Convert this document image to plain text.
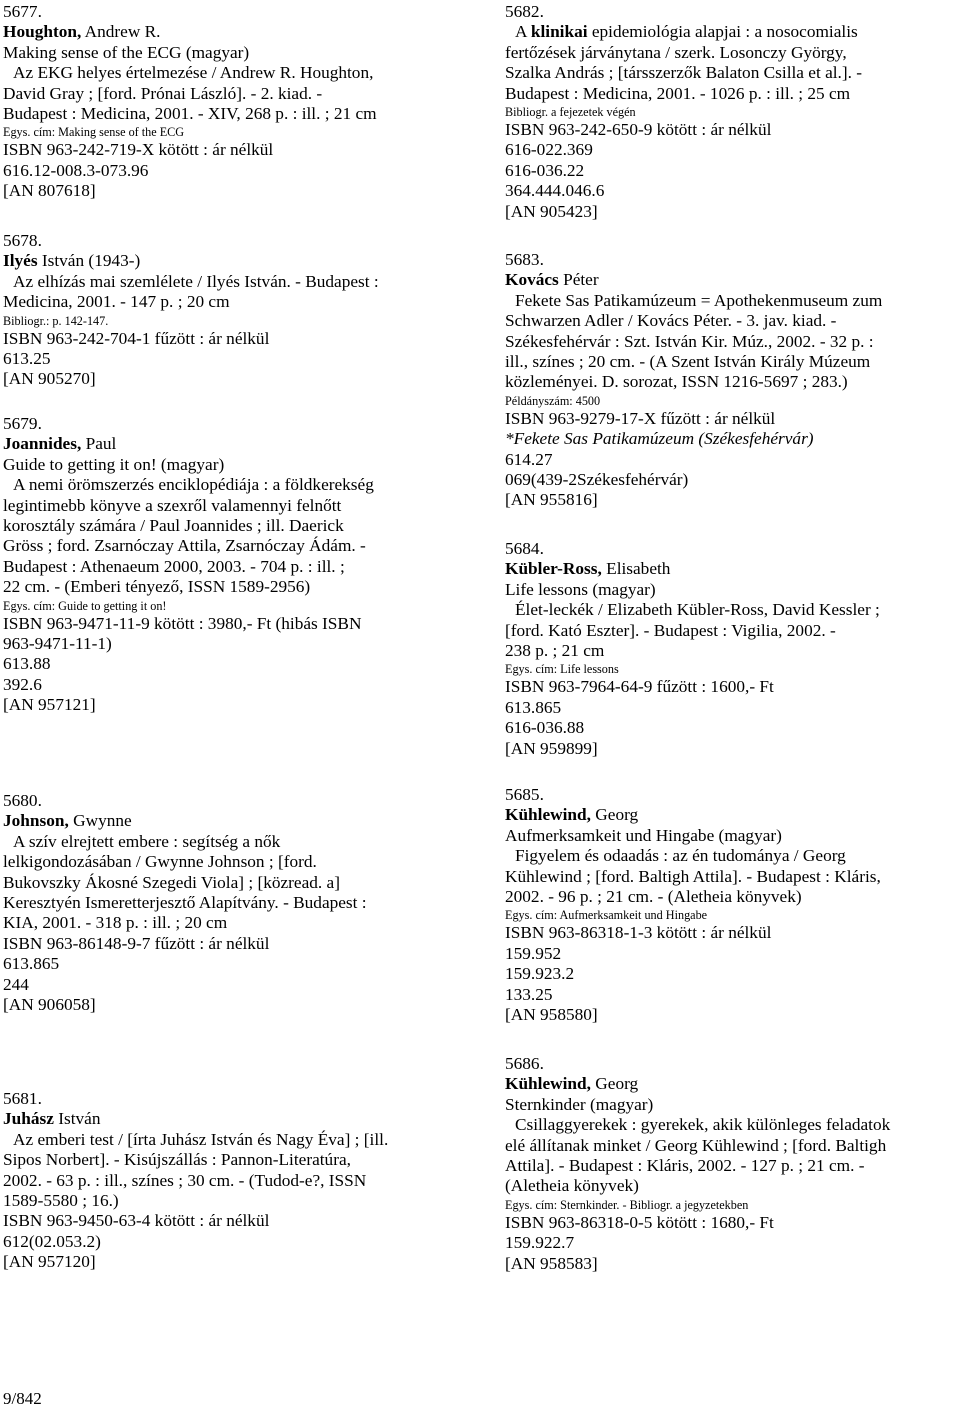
5677.
Houghton, Andrew R.
Making sense of the ECG (magyar)
Az EKG helyes értelmezése / Andrew R. Houghton,
David Gray ; [ford. Prónai László]. - 2. kiad. -
Budapest : Medicina, 2001. - XIV, 268 p. : ill. ; 21 cm
Egys. cím: Making sense of the ECG
ISBN 963-242-719-X kötött : ár nélkül
616.12-008.3-073.96
[AN 807618]
5678.
Ilyés István (1943-)
Az elhízás mai szemlélete / Ilyés István. - Budapest :
Medicina, 2001. - 147 p. ; 20 cm
Bibliogr.: p. 142-147.
ISBN 963-242-704-1 fűzött : ár nélkül
613.25
[AN 905270]
5679.
Joannides, Paul
Guide to getting it on! (magyar)
A nemi örömszerzés enciklopédiája : a földkerekség
legintimebb könyve a szexről valamennyi felnőtt
korosztály számára / Paul Joannides ; ill. Daerick
Gröss ; ford. Zsarnóczay Attila, Zsarnóczay Ádám. -
Budapest : Athenaeum 2000, 2003. - 704 p. : ill. ;
22 cm. - (Emberi tényező, ISSN 1589-2956)
Egys. cím: Guide to getting it on!
ISBN 963-9471-11-9 kötött : 3980,- Ft (hibás ISBN
963-9471-11-1)
613.88
392.6
[AN 957121]
5680.
Johnson, Gwynne
A szív elrejtett embere : segítség a nők
lelkigondozásában / Gwynne Johnson ; [ford.
Bukovszky Ákosné Szegedi Viola] ; [közread. a]
Keresztyén Ismeretterjesztő Alapítvány. - Budapest :
KIA, 2001. - 318 p. : ill. ; 20 cm
ISBN 963-86148-9-7 fűzött : ár nélkül
613.865
244
[AN 906058]
5681.
Juhász István
Az emberi test / [írta Juhász István és Nagy Éva] ; [ill.
Sipos Norbert]. - Kisújszállás : Pannon-Literatúra,
2002. - 63 p. : ill., színes ; 30 cm. - (Tudod-e?, ISSN
1589-5580 ; 16.)
ISBN 963-9450-63-4 kötött : ár nélkül
612(02.053.2)
[AN 957120]
5682.
A klinikai epidemiológia alapjai : a nosocomialis
fertőzések járványtana / szerk. Losonczy György,
Szalka András ; [társszerzők Balaton Csilla et al.]. -
Budapest : Medicina, 2001. - 1026 p. : ill. ; 25 cm
Bibliogr. a fejezetek végén
ISBN 963-242-650-9 kötött : ár nélkül
616-022.369
616-036.22
364.444.046.6
[AN 905423]
5683.
Kovács Péter
Fekete Sas Patikamúzeum = Apothekenmuseum zum
Schwarzen Adler / Kovács Péter. - 3. jav. kiad. -
Székesfehérvár : Szt. István Kir. Múz., 2002. - 32 p. :
ill., színes ; 20 cm. - (A Szent István Király Múzeum
közleményei. D. sorozat, ISSN 1216-5697 ; 283.)
Példányszám: 4500
ISBN 963-9279-17-X fűzött : ár nélkül
*Fekete Sas Patikamúzeum (Székesfehérvár)
614.27
069(439-2Székesfehérvár)
[AN 955816]
5684.
Kübler-Ross, Elisabeth
Life lessons (magyar)
Élet-leckék / Elizabeth Kübler-Ross, David Kessler ;
[ford. Kató Eszter]. - Budapest : Vigilia, 2002. -
238 p. ; 21 cm
Egys. cím: Life lessons
ISBN 963-7964-64-9 fűzött : 1600,- Ft
613.865
616-036.88
[AN 959899]
5685.
Kühlewind, Georg
Aufmerksamkeit und Hingabe (magyar)
Figyelem és odaadás : az én tudománya / Georg
Kühlewind ; [ford. Baltigh Attila]. - Budapest : Kláris,
2002. - 96 p. ; 21 cm. - (Aletheia könyvek)
Egys. cím: Aufmerksamkeit und Hingabe
ISBN 963-86318-1-3 kötött : ár nélkül
159.952
159.923.2
133.25
[AN 958580]
5686.
Kühlewind, Georg
Sternkinder (magyar)
Csillaggyerekek : gyerekek, akik különleges feladatok
elé állítanak minket / Georg Kühlewind ; [ford. Baltigh
Attila]. - Budapest : Kláris, 2002. - 127 p. ; 21 cm. -
(Aletheia könyvek)
Egys. cím: Sternkinder. - Bibliogr. a jegyzetekben
ISBN 963-86318-0-5 kötött : 1680,- Ft
159.922.7
[AN 958583]
9/842
